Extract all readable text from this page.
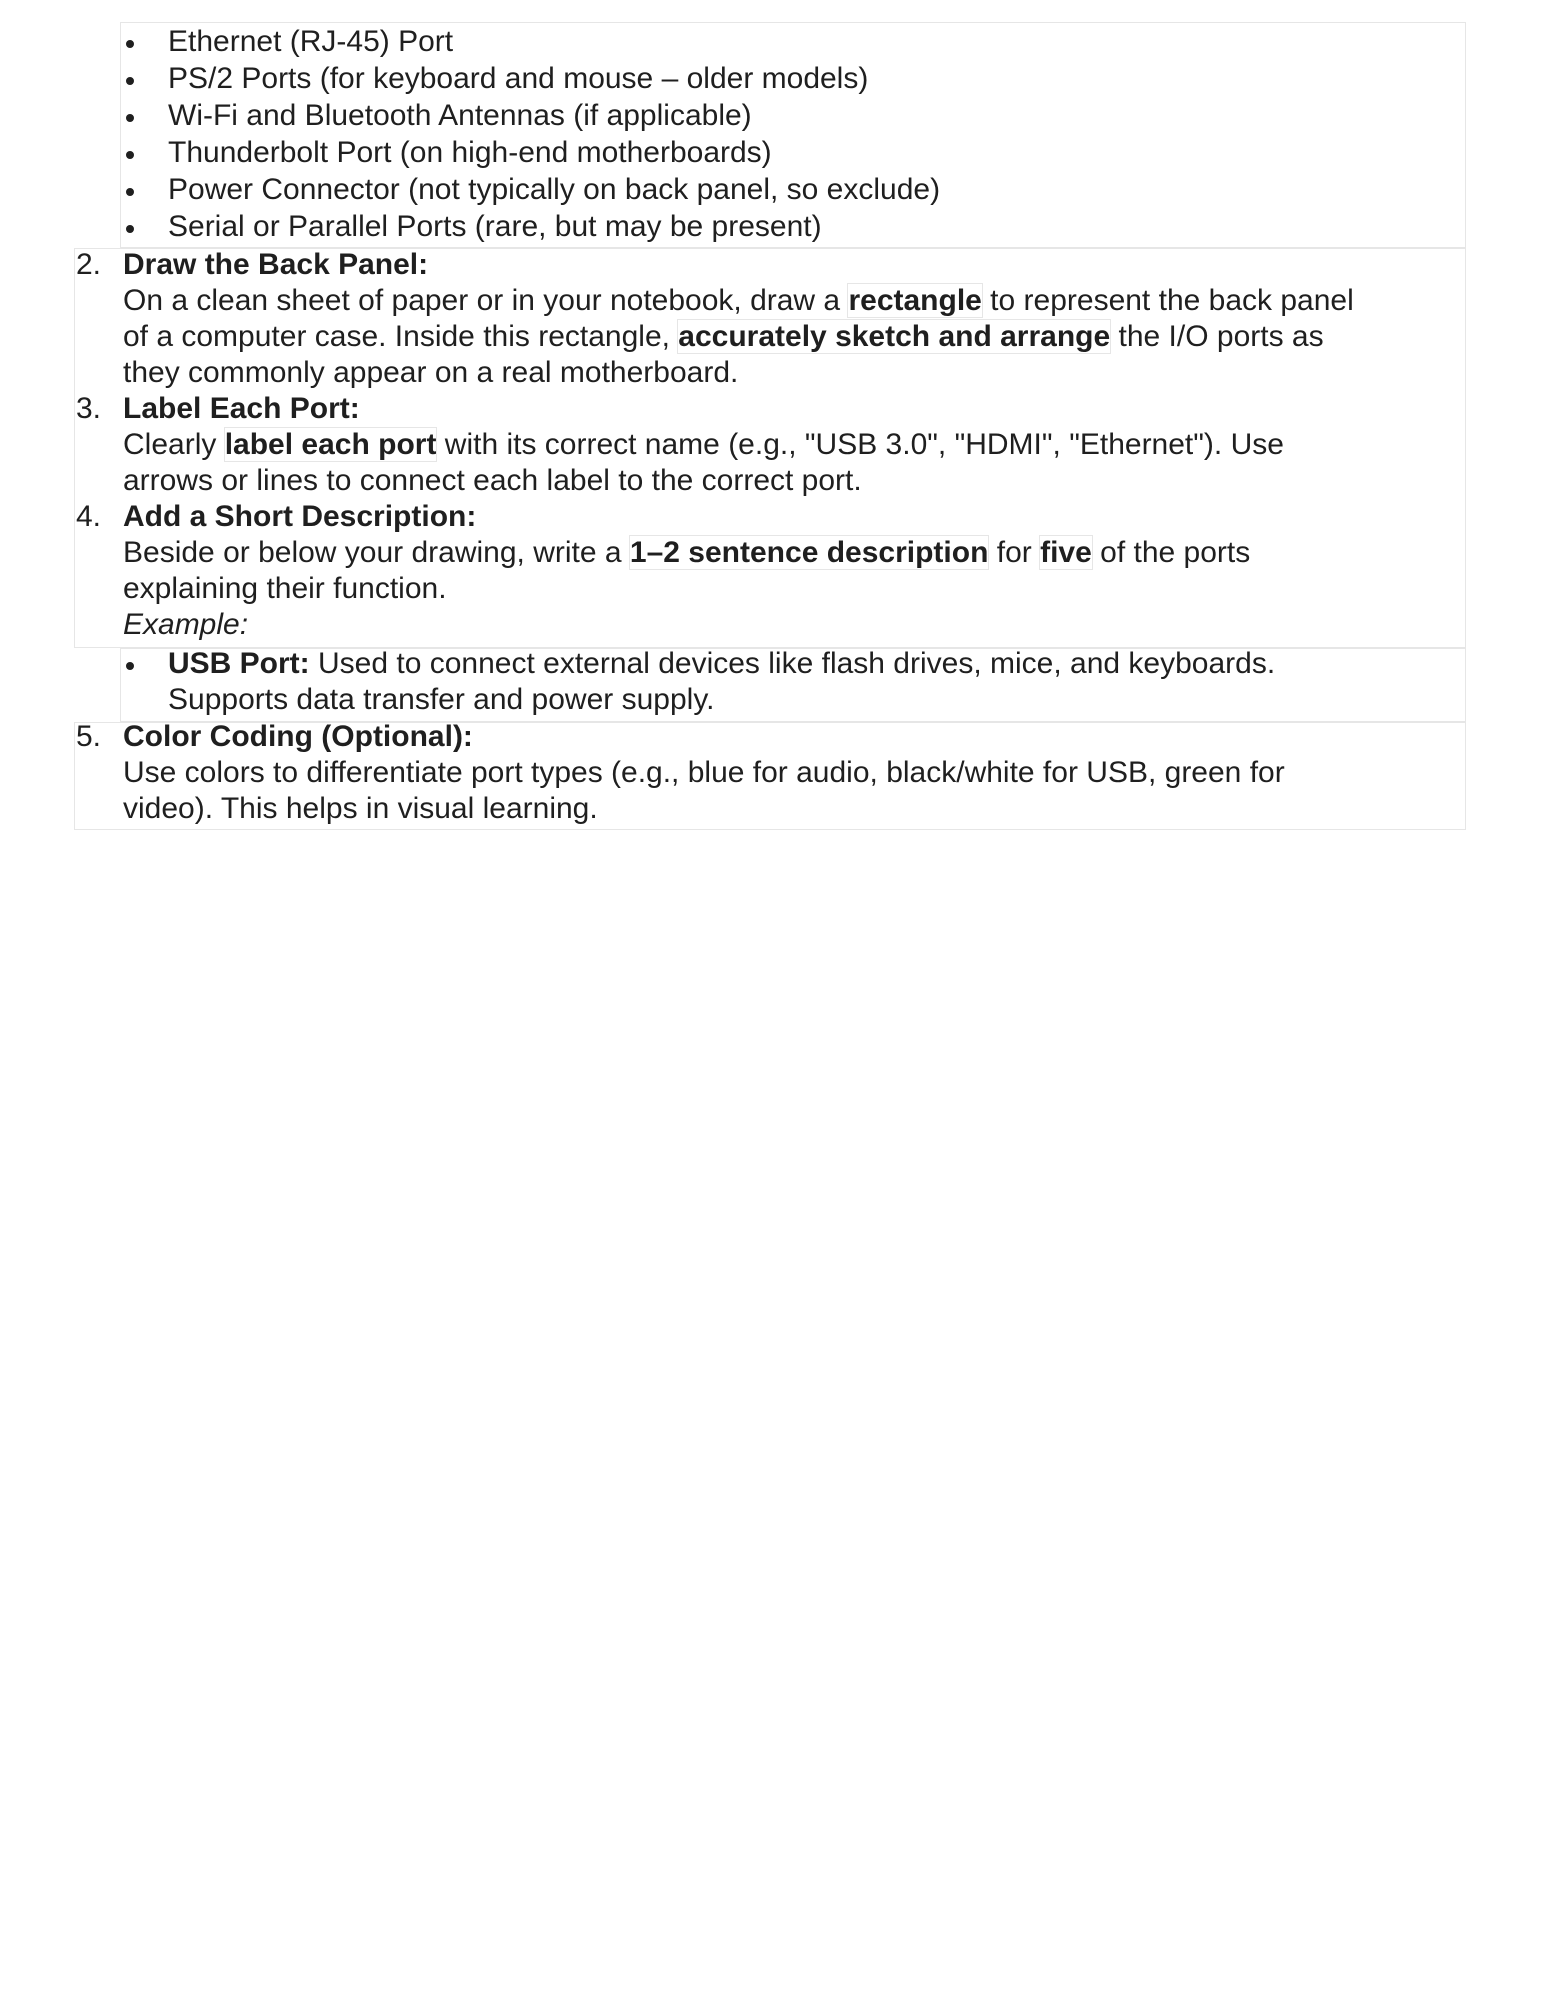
Ethernet (RJ-45) Port
PS/2 Ports (for keyboard and mouse – older models)
Wi-Fi and Bluetooth Antennas (if applicable)
Thunderbolt Port (on high-end motherboards)
Power Connector (not typically on back panel, so exclude)
Serial or Parallel Ports (rare, but may be present)
2. Draw the Back Panel:
On a clean sheet of paper or in your notebook, draw a rectangle to represent the back panel
of a computer case. Inside this rectangle, accurately sketch and arrange the I/O ports as
they commonly appear on a real motherboard.
3. Label Each Port:
Clearly label each port with its correct name (e.g., "USB 3.0", "HDMI", "Ethernet"). Use
arrows or lines to connect each label to the correct port.
4. Add a Short Description:
Beside or below your drawing, write a 1–2 sentence description for five of the ports
explaining their function.
Example:
USB Port: Used to connect external devices like flash drives, mice, and keyboards.
Supports data transfer and power supply.
5. Color Coding (Optional):
Use colors to differentiate port types (e.g., blue for audio, black/white for USB, green for
video). This helps in visual learning.
